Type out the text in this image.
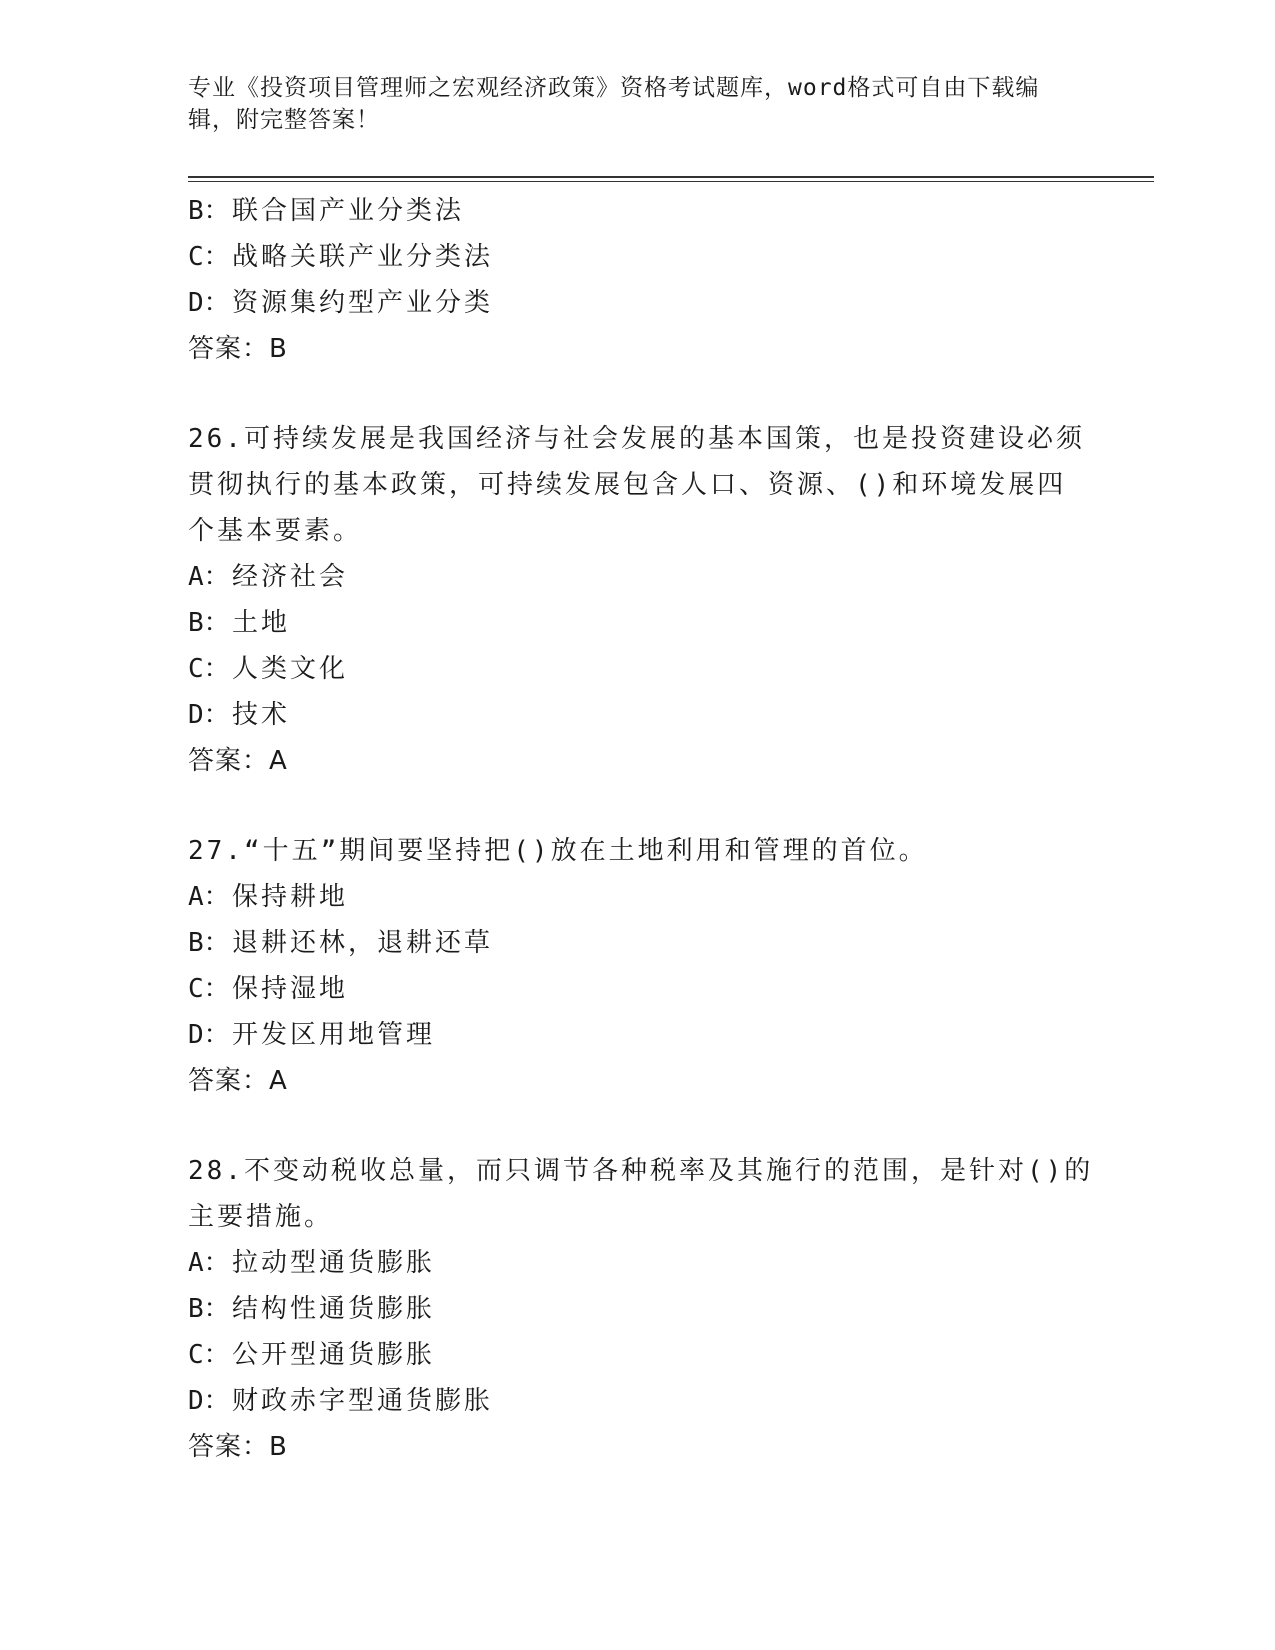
专业《投资项目管理师之宏观经济政策》资格考试题库，word格式可自由下载编
辑，附完整答案！
B：联合国产业分类法
C：战略关联产业分类法
D：资源集约型产业分类
答案：B
26.可持续发展是我国经济与社会发展的基本国策，也是投资建设必须
贯彻执行的基本政策，可持续发展包含人口、资源、()和环境发展四
个基本要素。
A：经济社会
B：土地
C：人类文化
D：技术
答案：A
27.“十五”期间要坚持把()放在土地利用和管理的首位。
A：保持耕地
B：退耕还林，退耕还草
C：保持湿地
D：开发区用地管理
答案：A
28.不变动税收总量，而只调节各种税率及其施行的范围，是针对()的
主要措施。
A：拉动型通货膨胀
B：结构性通货膨胀
C：公开型通货膨胀
D：财政赤字型通货膨胀
答案：B
